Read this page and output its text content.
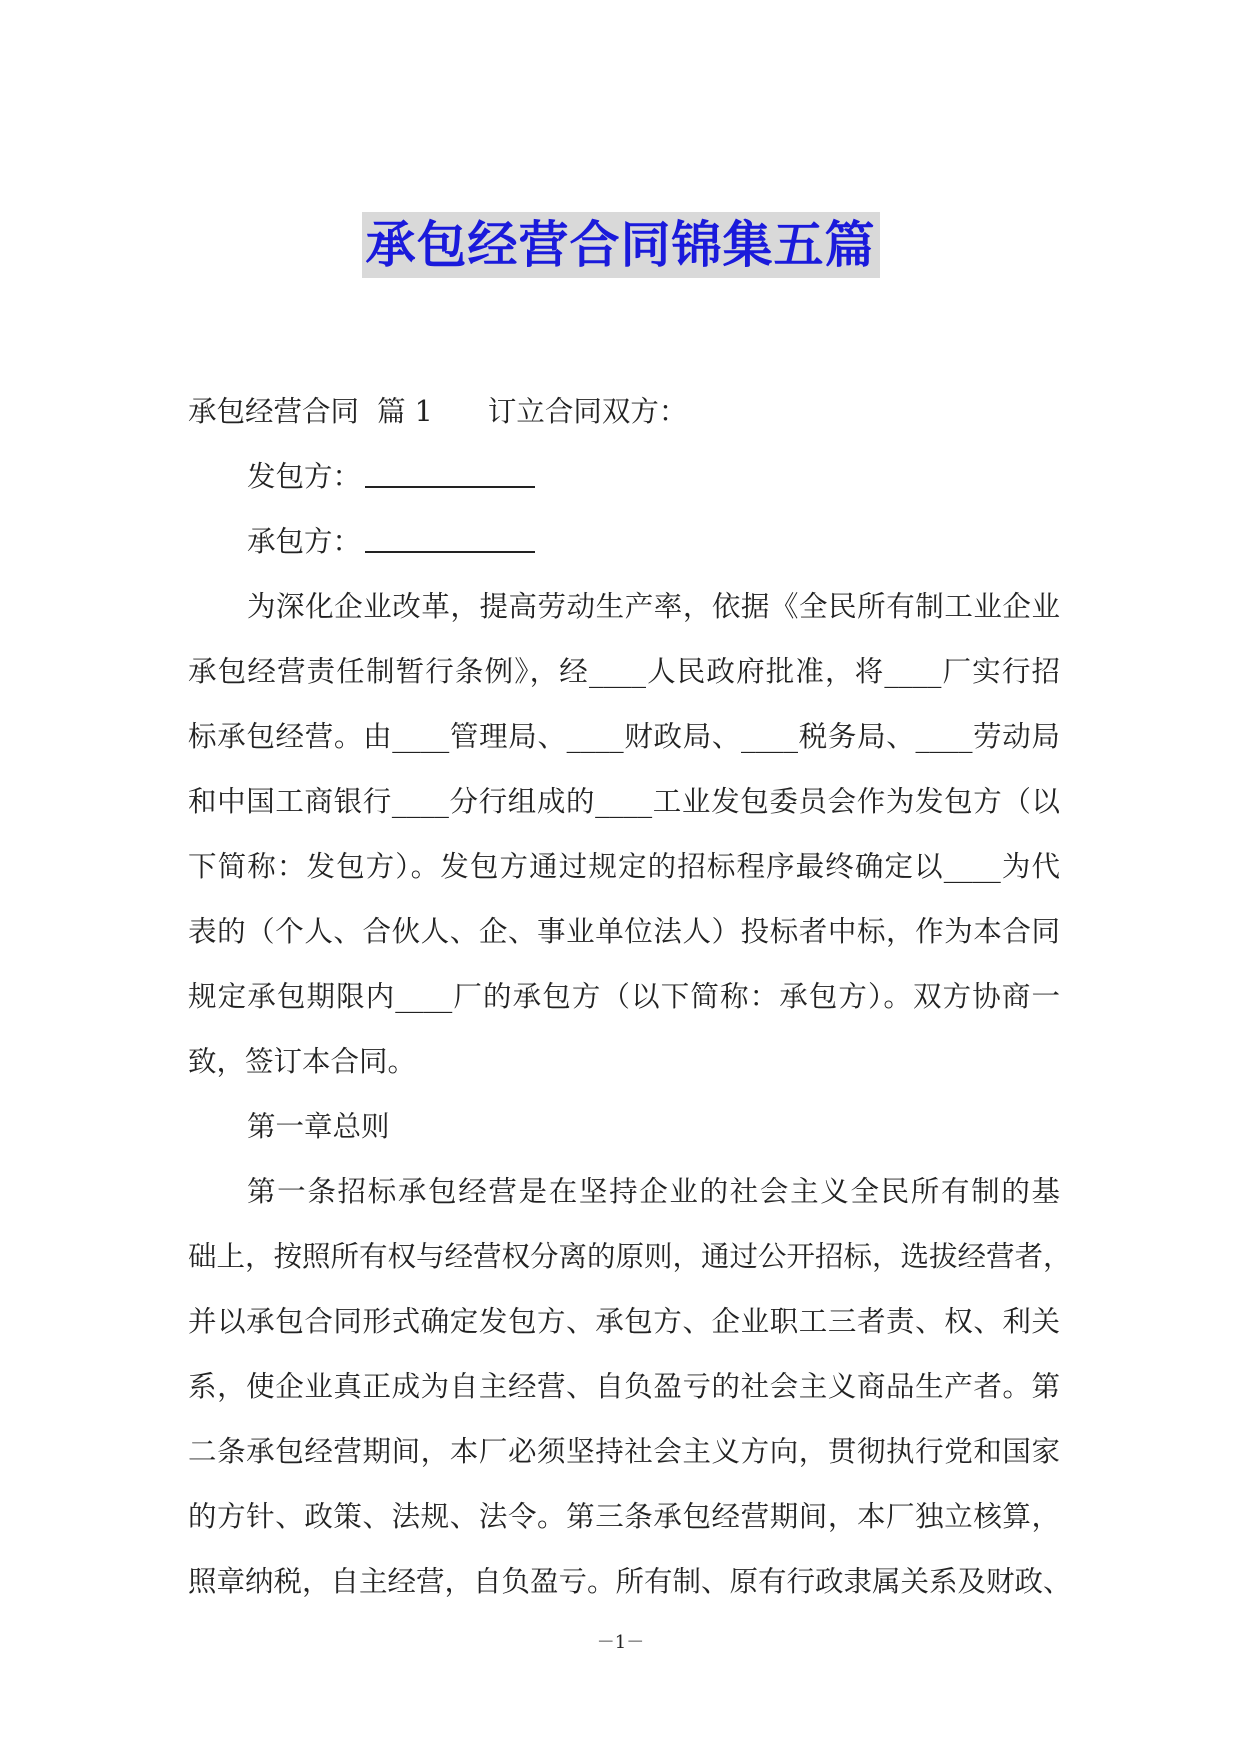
承包经营合同锦集五篇
承包经营合同  篇 1 订立合同双方：
发包方：
承包方：
为深化企业改革，提高劳动生产率，依据《全民所有制工业企业
承包经营责任制暂行条例》，经____人民政府批准，将____厂实行招
标承包经营。由____管理局、____财政局、____税务局、____劳动局
和中国工商银行____分行组成的____工业发包委员会作为发包方（以
下简称：发包方）。发包方通过规定的招标程序最终确定以____为代
表的（个人、合伙人、企、事业单位法人）投标者中标，作为本合同
规定承包期限内____厂的承包方（以下简称：承包方）。双方协商一
致，签订本合同。
第一章总则
第一条招标承包经营是在坚持企业的社会主义全民所有制的基
础上，按照所有权与经营权分离的原则，通过公开招标，选拔经营者，
并以承包合同形式确定发包方、承包方、企业职工三者责、权、利关
系，使企业真正成为自主经营、自负盈亏的社会主义商品生产者。第
二条承包经营期间，本厂必须坚持社会主义方向，贯彻执行党和国家
的方针、政策、法规、法令。第三条承包经营期间，本厂独立核算，
照章纳税，自主经营，自负盈亏。所有制、原有行政隶属关系及财政、
－1－
